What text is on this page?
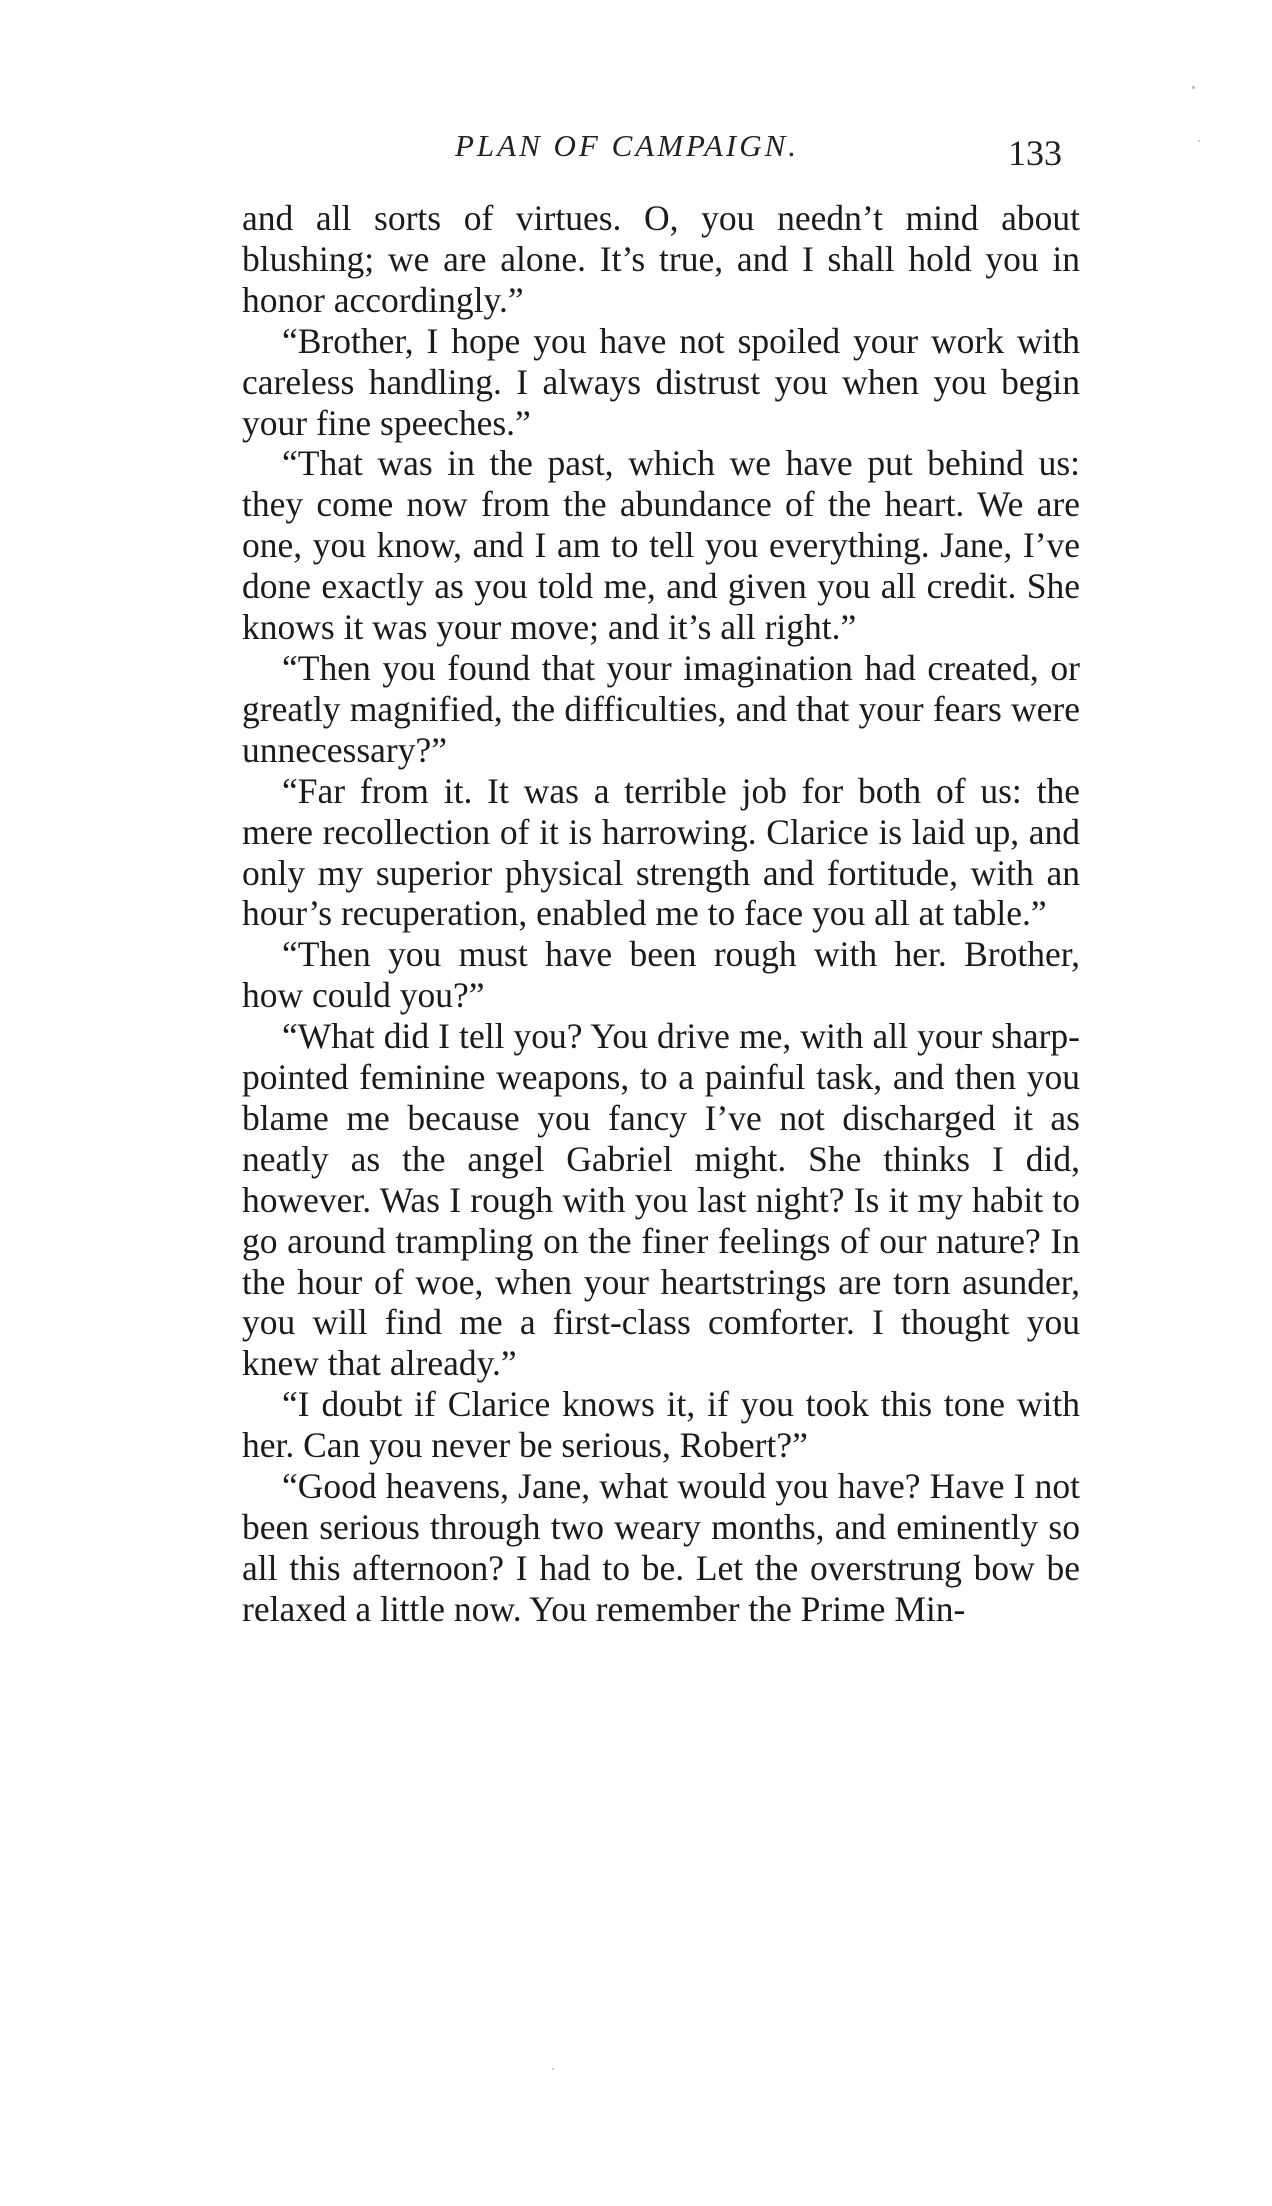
PLAN OF CAMPAIGN.	133

and all sorts of virtues. O, you needn’t mind about blushing; we are alone. It’s true, and I shall hold you in honor accordingly.”

“Brother, I hope you have not spoiled your work with careless handling. I always distrust you when you begin your fine speeches.”

“That was in the past, which we have put behind us: they come now from the abundance of the heart. We are one, you know, and I am to tell you everything. Jane, I’ve done exactly as you told me, and given you all credit. She knows it was your move; and it’s all right.”

“Then you found that your imagination had created, or greatly magnified, the difficulties, and that your fears were unnecessary?”

“Far from it. It was a terrible job for both of us: the mere recollection of it is harrowing. Clarice is laid up, and only my superior physical strength and fortitude, with an hour’s recuperation, enabled me to face you all at table.”

“Then you must have been rough with her. Brother, how could you?”

“What did I tell you? You drive me, with all your sharp-pointed feminine weapons, to a painful task, and then you blame me because you fancy I’ve not discharged it as neatly as the angel Gabriel might. She thinks I did, however. Was I rough with you last night? Is it my habit to go around trampling on the finer feelings of our nature? In the hour of woe, when your heartstrings are torn asunder, you will find me a first-class comforter. I thought you knew that already.”

“I doubt if Clarice knows it, if you took this tone with her. Can you never be serious, Robert?”

“Good heavens, Jane, what would you have? Have I not been serious through two weary months, and eminently so all this afternoon? I had to be. Let the overstrung bow be relaxed a little now. You remember the Prime Min-
